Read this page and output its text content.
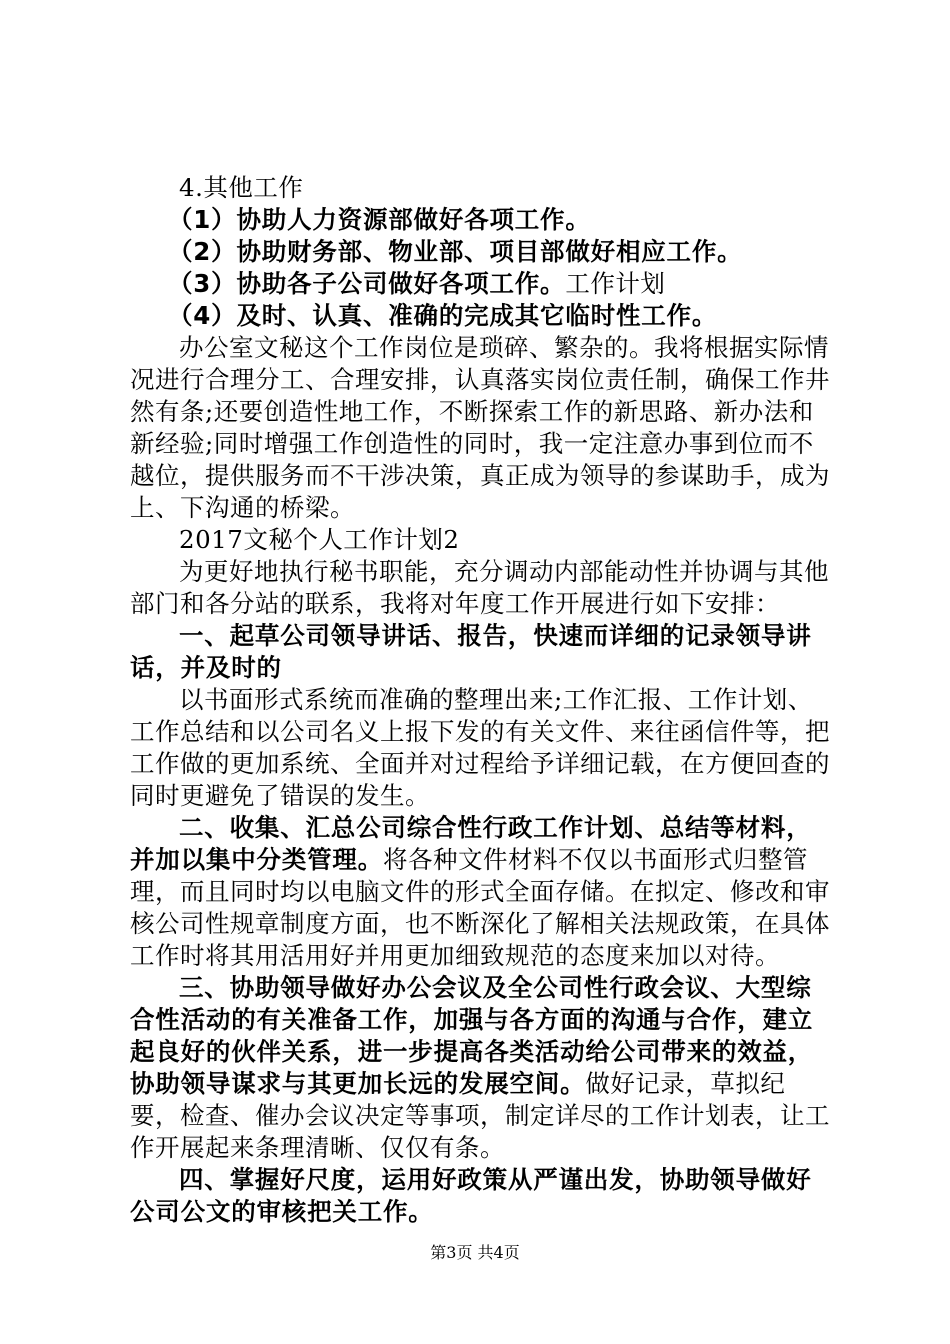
4.其他工作

（1）协助人力资源部做好各项工作。

（2）协助财务部、物业部、项目部做好相应工作。

（3）协助各子公司做好各项工作。工作计划

（4）及时、认真、准确的完成其它临时性工作。

办公室文秘这个工作岗位是琐碎、繁杂的。我将根据实际情况进行合理分工、合理安排，认真落实岗位责任制，确保工作井然有条;还要创造性地工作，不断探索工作的新思路、新办法和新经验;同时增强工作创造性的同时，我一定注意办事到位而不越位，提供服务而不干涉决策，真正成为领导的参谋助手，成为上、下沟通的桥梁。

2017文秘个人工作计划2

为更好地执行秘书职能，充分调动内部能动性并协调与其他部门和各分站的联系，我将对年度工作开展进行如下安排：

一、起草公司领导讲话、报告，快速而详细的记录领导讲话，并及时的

以书面形式系统而准确的整理出来;工作汇报、工作计划、工作总结和以公司名义上报下发的有关文件、来往函信件等，把工作做的更加系统、全面并对过程给予详细记载，在方便回查的同时更避免了错误的发生。

二、收集、汇总公司综合性行政工作计划、总结等材料，并加以集中分类管理。将各种文件材料不仅以书面形式归整管理，而且同时均以电脑文件的形式全面存储。在拟定、修改和审核公司性规章制度方面，也不断深化了解相关法规政策，在具体工作时将其用活用好并用更加细致规范的态度来加以对待。

三、协助领导做好办公会议及全公司性行政会议、大型综合性活动的有关准备工作，加强与各方面的沟通与合作，建立起良好的伙伴关系，进一步提高各类活动给公司带来的效益，协助领导谋求与其更加长远的发展空间。做好记录，草拟纪要，检查、催办会议决定等事项，制定详尽的工作计划表，让工作开展起来条理清晰、仅仅有条。

四、掌握好尺度，运用好政策从严谨出发，协助领导做好公司公文的审核把关工作。

第3页 共4页
